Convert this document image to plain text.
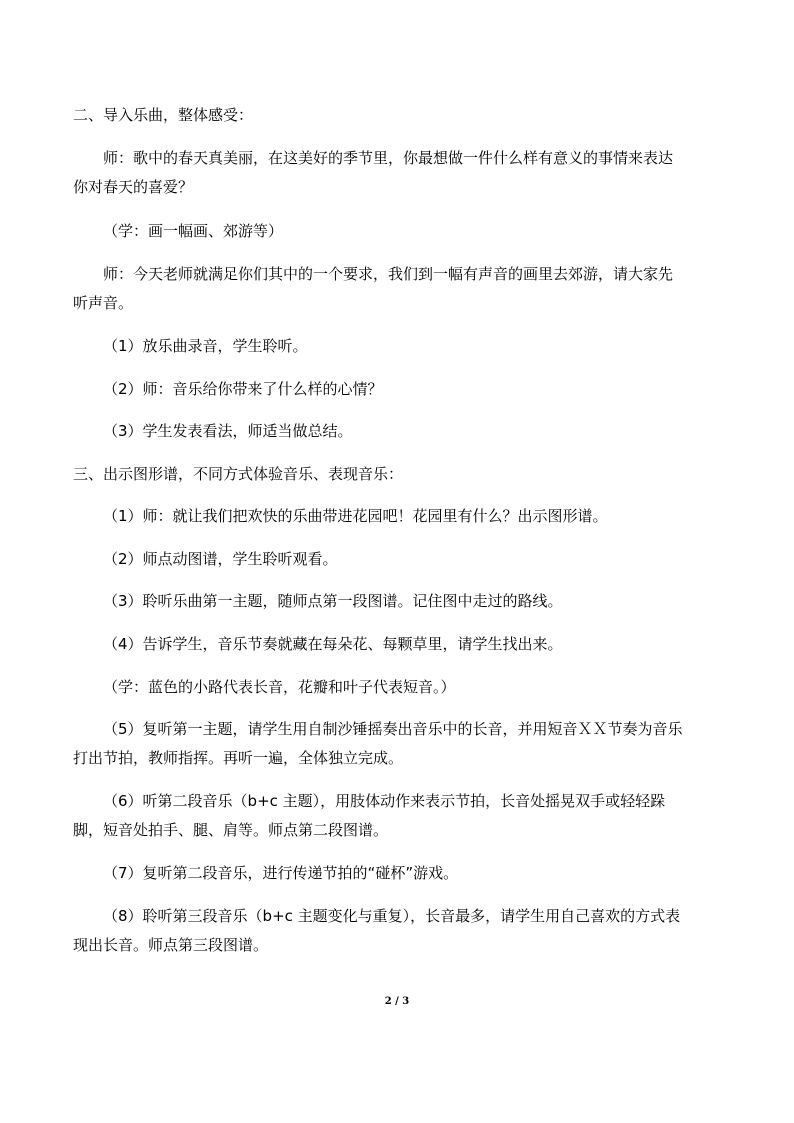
二、导入乐曲，整体感受：
师：歌中的春天真美丽，在这美好的季节里，你最想做一件什么样有意义的事情来表达
你对春天的喜爱？
（学：画一幅画、郊游等）
师：今天老师就满足你们其中的一个要求，我们到一幅有声音的画里去郊游，请大家先
听声音。
（1）放乐曲录音，学生聆听。
（2）师：音乐给你带来了什么样的心情？
（3）学生发表看法，师适当做总结。
三、出示图形谱，不同方式体验音乐、表现音乐：
（1）师：就让我们把欢快的乐曲带进花园吧！花园里有什么？出示图形谱。
（2）师点动图谱，学生聆听观看。
（3）聆听乐曲第一主题，随师点第一段图谱。记住图中走过的路线。
（4）告诉学生，音乐节奏就藏在每朵花、每颗草里，请学生找出来。
（学：蓝色的小路代表长音，花瓣和叶子代表短音。）
（5）复听第一主题，请学生用自制沙锤摇奏出音乐中的长音，并用短音ＸＸ节奏为音乐
打出节拍，教师指挥。再听一遍，全体独立完成。
（6）听第二段音乐（b+c 主题），用肢体动作来表示节拍，长音处摇晃双手或轻轻跺
脚，短音处拍手、腿、肩等。师点第二段图谱。
（7）复听第二段音乐，进行传递节拍的“碰杯”游戏。
（8）聆听第三段音乐（b+c 主题变化与重复），长音最多，请学生用自己喜欢的方式表
现出长音。师点第三段图谱。
2 / 3
